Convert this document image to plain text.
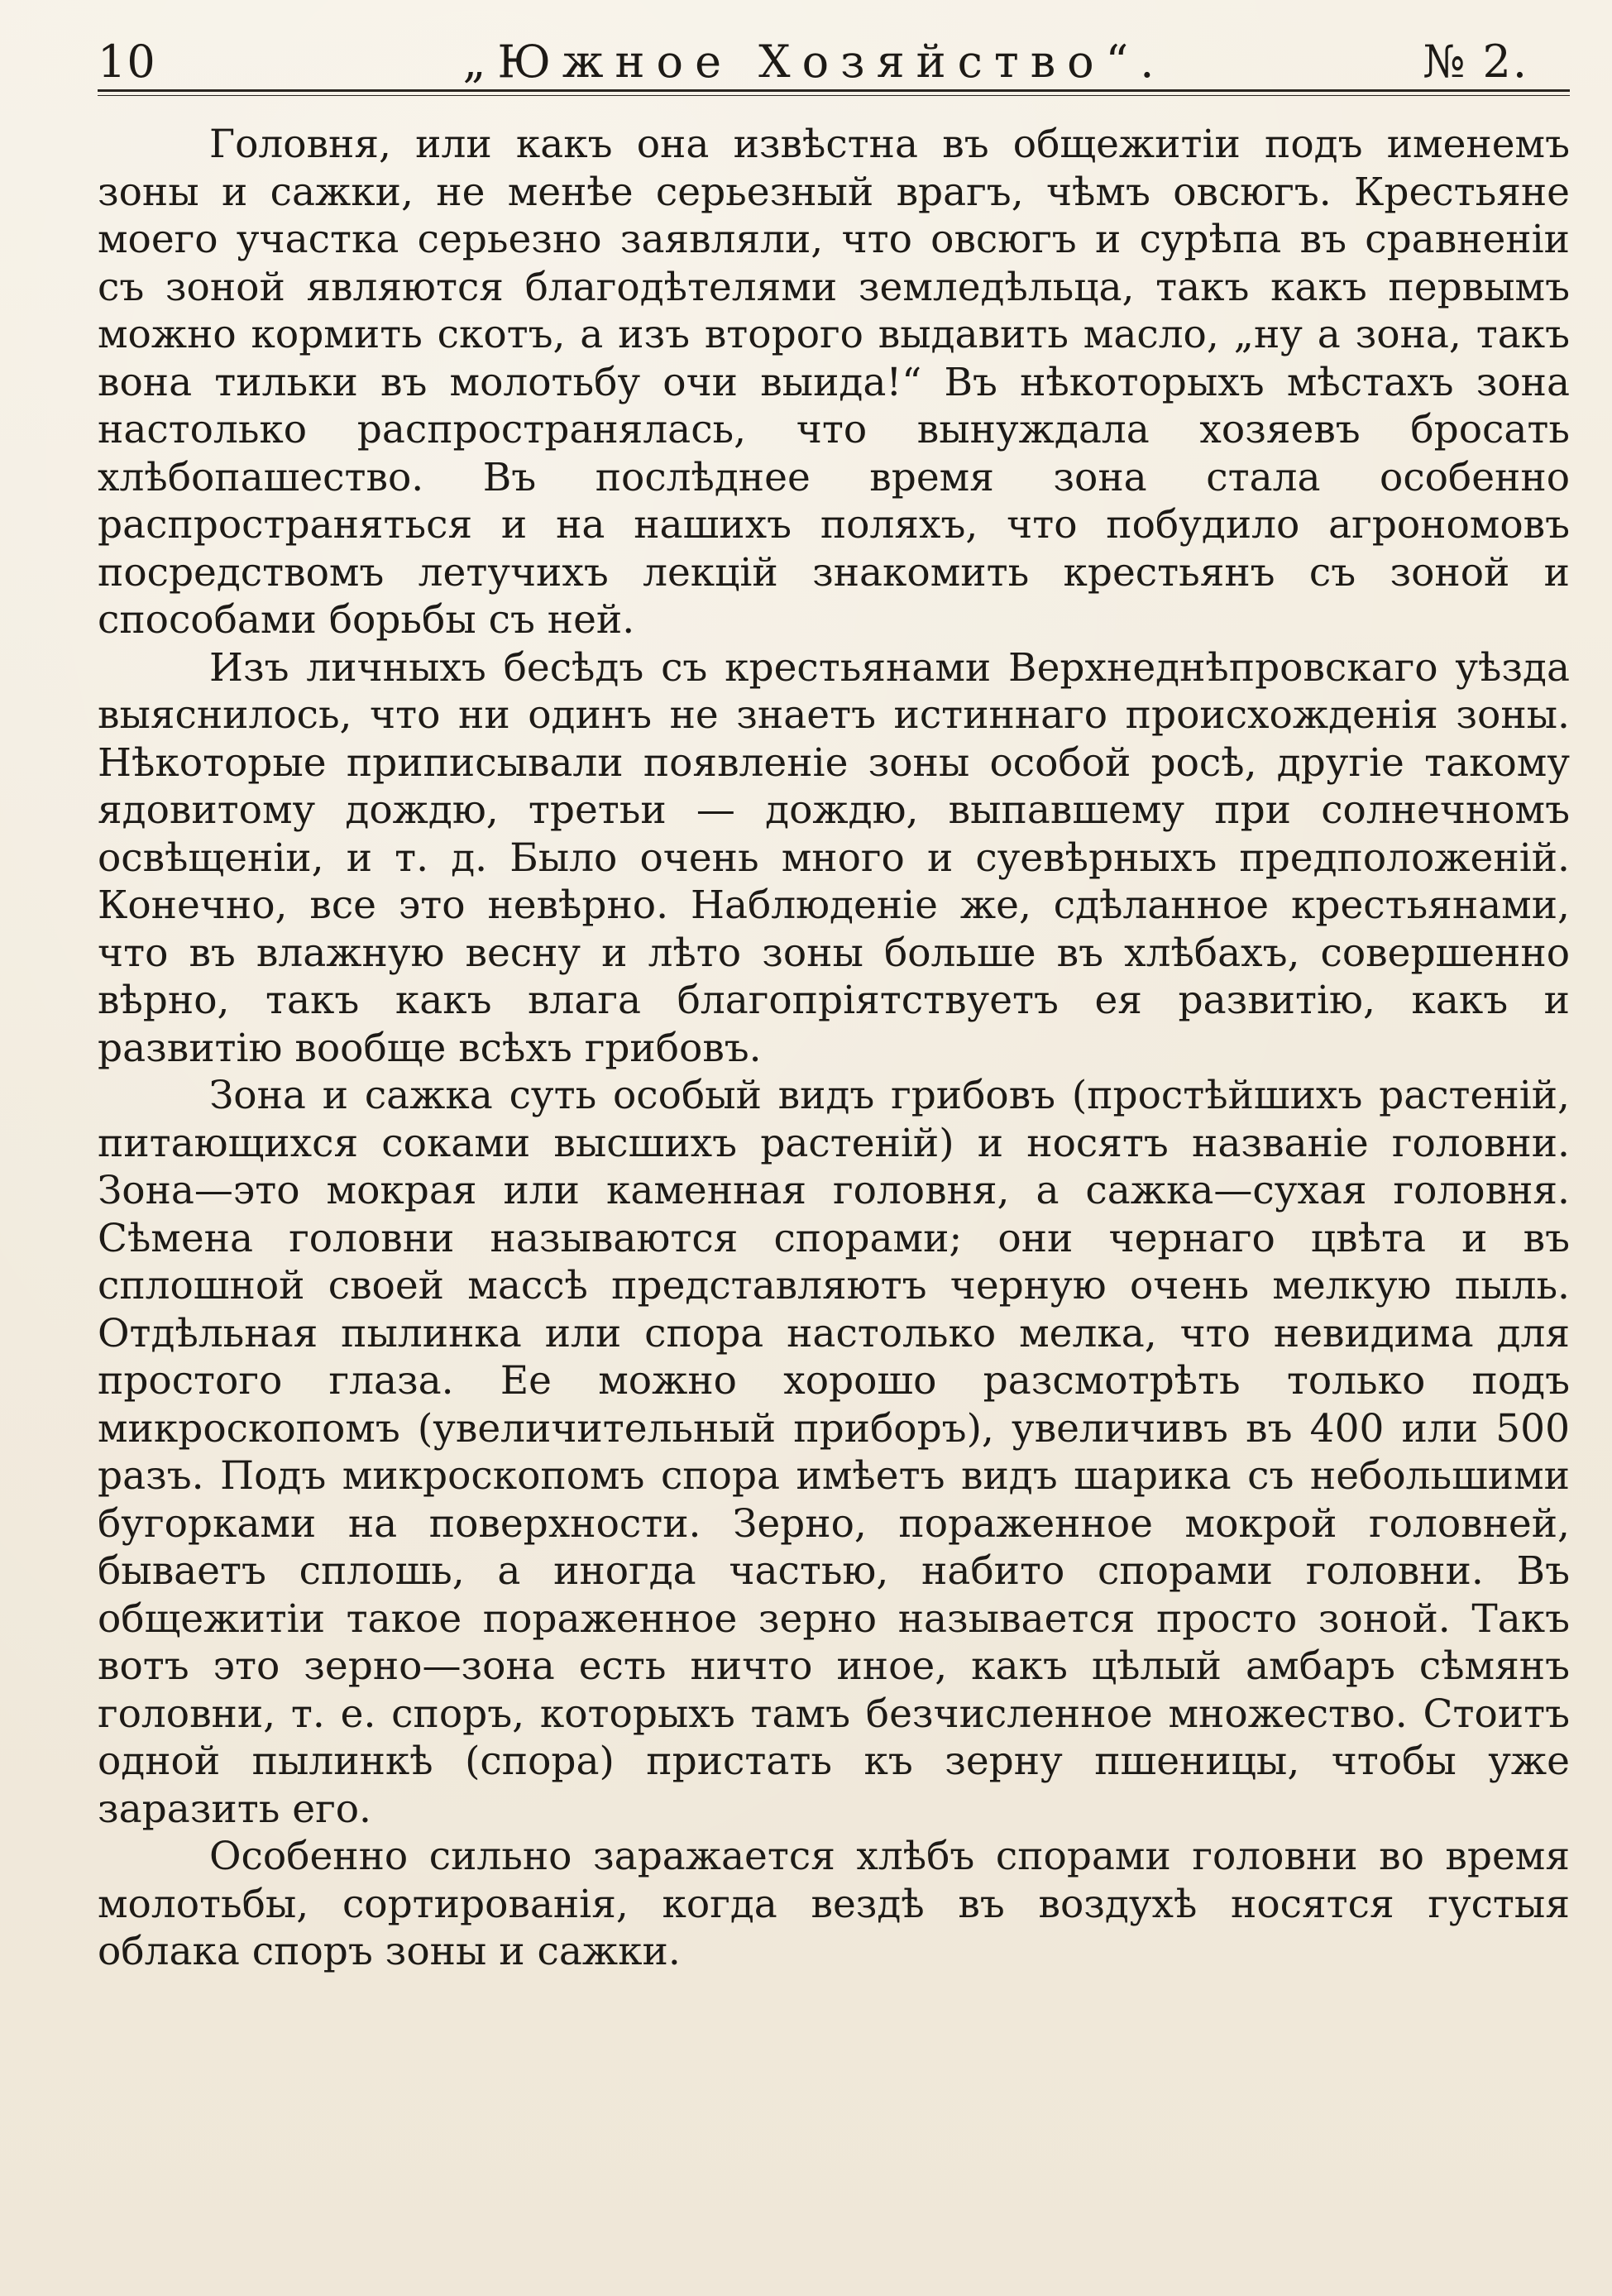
10	„Южное Хозяйство“.	№ 2.

Головня, или какъ она извѣстна въ общежитіи подъ именемъ зоны и сажки, не менѣе серьезный врагъ, чѣмъ овсюгъ. Крестьяне моего участка серьезно заявляли, что овсюгъ и сурѣпа въ сравненіи съ зоной являются благодѣтелями земледѣльца, такъ какъ первымъ можно кормить скотъ, а изъ второго выдавить масло, „ну а зона, такъ вона тильки въ молотьбу очи выида!“ Въ нѣкоторыхъ мѣстахъ зона настолько распространялась, что вынуждала хозяевъ бросать хлѣбопашество. Въ послѣднее время зона стала особенно распространяться и на нашихъ поляхъ, что побудило агрономовъ посредствомъ летучихъ лекцій знакомить крестьянъ съ зоной и способами борьбы съ ней.

Изъ личныхъ бесѣдъ съ крестьянами Верхнеднѣпровскаго уѣзда выяснилось, что ни одинъ не знаетъ истиннаго происхожденія зоны. Нѣкоторые приписывали появленіе зоны особой росѣ, другіе такому ядовитому дождю, третьи — дождю, выпавшему при солнечномъ освѣщеніи, и т. д. Было очень много и суевѣрныхъ предположеній. Конечно, все это невѣрно. Наблюденіе же, сдѣланное крестьянами, что въ влажную весну и лѣто зоны больше въ хлѣбахъ, совершенно вѣрно, такъ какъ влага благопріятствуетъ ея развитію, какъ и развитію вообще всѣхъ грибовъ.

Зона и сажка суть особый видъ грибовъ (простѣйшихъ растеній, питающихся соками высшихъ растеній) и носятъ названіе головни. Зона—это мокрая или каменная головня, а сажка—сухая головня. Сѣмена головни называются спорами; они чернаго цвѣта и въ сплошной своей массѣ представляютъ черную очень мелкую пыль. Отдѣльная пылинка или спора настолько мелка, что невидима для простого глаза. Ее можно хорошо разсмотрѣть только подъ микроскопомъ (увеличительный приборъ), увеличивъ въ 400 или 500 разъ. Подъ микроскопомъ спора имѣетъ видъ шарика съ небольшими бугорками на поверхности. Зерно, пораженное мокрой головней, бываетъ сплошь, а иногда частью, набито спорами головни. Въ общежитіи такое пораженное зерно называется просто зоной. Такъ вотъ это зерно—зона есть ничто иное, какъ цѣлый амбаръ сѣмянъ головни, т. е. споръ, которыхъ тамъ безчисленное множество. Стоитъ одной пылинкѣ (спора) пристать къ зерну пшеницы, чтобы уже заразить его.

Особенно сильно заражается хлѣбъ спорами головни во время молотьбы, сортированія, когда вездѣ въ воздухѣ носятся густыя облака споръ зоны и сажки.
